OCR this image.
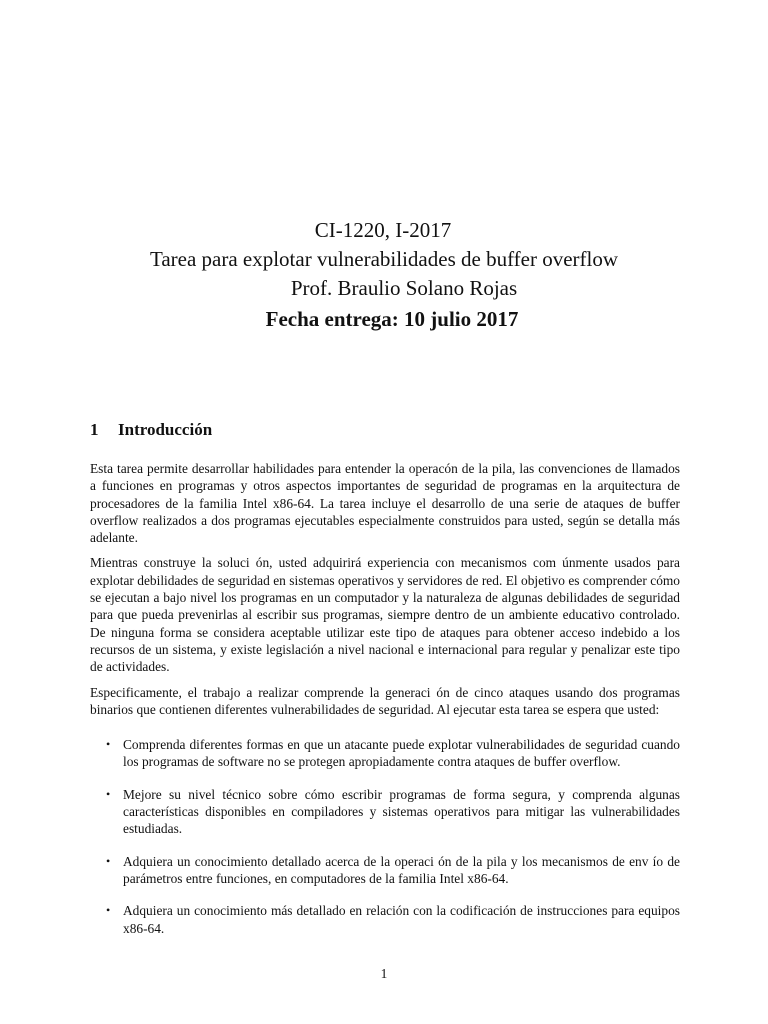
CI-1220, I-2017
Tarea para explotar vulnerabilidades de buffer overflow
Prof. Braulio Solano Rojas
Fecha entrega: 10 julio 2017
1 Introducción

Esta tarea permite desarrollar habilidades para entender la operacón de la pila, las convenciones de llamados a funciones en programas y otros aspectos importantes de seguridad de programas en la arquitectura de procesadores de la familia Intel x86-64. La tarea incluye el desarrollo de una serie de ataques de buffer overflow realizados a dos programas ejecutables especialmente construidos para usted, según se detalla más adelante.

Mientras construye la soluci ón, usted adquirirá experiencia con mecanismos com únmente usados para explotar debilidades de seguridad en sistemas operativos y servidores de red. El objetivo es comprender cómo se ejecutan a bajo nivel los programas en un computador y la naturaleza de algunas debilidades de seguridad para que pueda prevenirlas al escribir sus programas, siempre dentro de un ambiente educativo controlado. De ninguna forma se considera aceptable utilizar este tipo de ataques para obtener acceso indebido a los recursos de un sistema, y existe legislación a nivel nacional e internacional para regular y penalizar este tipo de actividades.

Especificamente, el trabajo a realizar comprende la generaci ón de cinco ataques usando dos programas binarios que contienen diferentes vulnerabilidades de seguridad. Al ejecutar esta tarea se espera que usted:

• Comprenda diferentes formas en que un atacante puede explotar vulnerabilidades de seguridad cuando los programas de software no se protegen apropiadamente contra ataques de buffer overflow.
• Mejore su nivel técnico sobre cómo escribir programas de forma segura, y comprenda algunas características disponibles en compiladores y sistemas operativos para mitigar las vulnerabilidades estudiadas.
• Adquiera un conocimiento detallado acerca de la operaci ón de la pila y los mecanismos de env ío de parámetros entre funciones, en computadores de la familia Intel x86-64.
• Adquiera un conocimiento más detallado en relación con la codificación de instrucciones para equipos x86-64.
1
